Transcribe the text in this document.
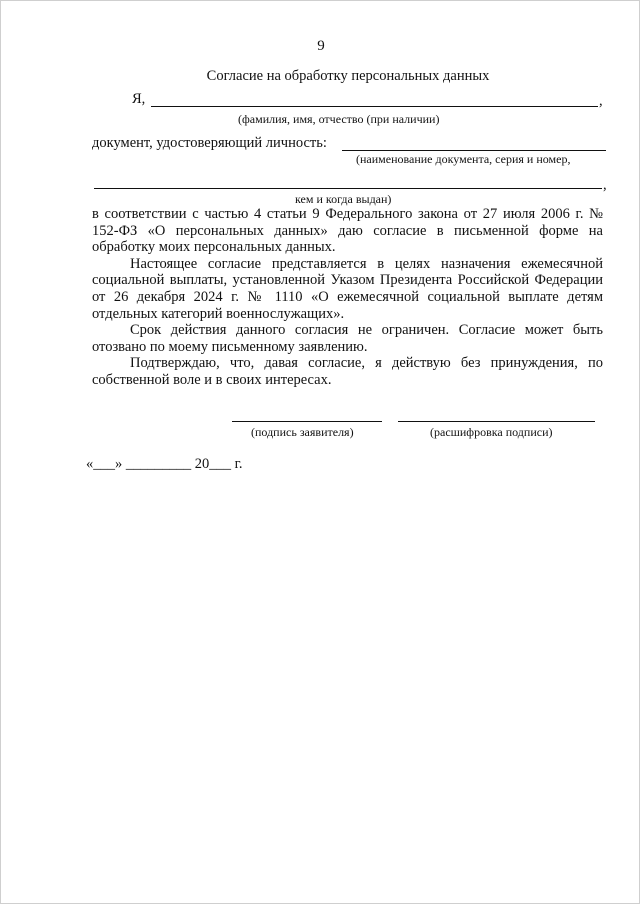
9
Согласие на обработку персональных данных
Я,	,
(фамилия, имя, отчество (при наличии)
документ, удостоверяющий личность:
(наименование документа, серия и номер,
,
кем и когда выдан)

в соответствии с частью 4 статьи 9 Федерального закона от 27 июля 2006 г. № 152-ФЗ «О персональных данных» даю согласие в письменной форме на обработку моих персональных данных.

Настоящее согласие представляется в целях назначения ежемесячной социальной выплаты, установленной Указом Президента Российской Федерации от 26 декабря 2024 г. № 1110 «О ежемесячной социальной выплате детям отдельных категорий военнослужащих».

Срок действия данного согласия не ограничен. Согласие может быть отозвано по моему письменному заявлению.

Подтверждаю, что, давая согласие, я действую без принуждения, по собственной воле и в своих интересах.

(подпись заявителя)	(расшифровка подписи)
«___» _________ 20___ г.
